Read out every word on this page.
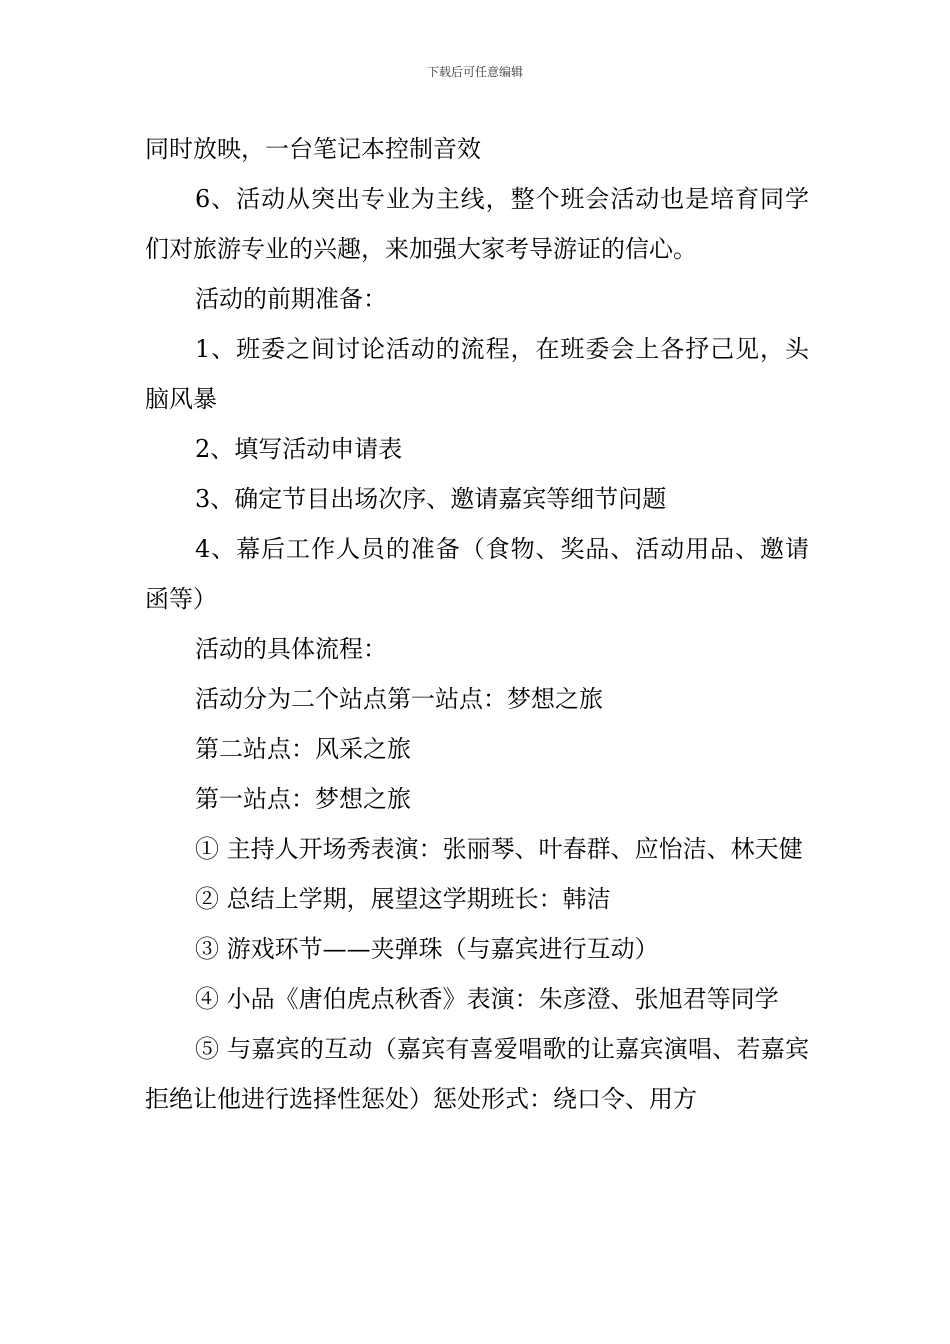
下载后可任意编辑

同时放映，一台笔记本控制音效

6、活动从突出专业为主线，整个班会活动也是培育同学们对旅游专业的兴趣，来加强大家考导游证的信心。

活动的前期准备：

1、班委之间讨论活动的流程，在班委会上各抒己见，头脑风暴

2、填写活动申请表

3、确定节目出场次序、邀请嘉宾等细节问题

4、幕后工作人员的准备（食物、奖品、活动用品、邀请函等）

活动的具体流程：

活动分为二个站点第一站点：梦想之旅

第二站点：风采之旅

第一站点：梦想之旅

① 主持人开场秀表演：张丽琴、叶春群、应怡洁、林天健

② 总结上学期，展望这学期班长：韩洁

③ 游戏环节——夹弹珠（与嘉宾进行互动）

④ 小品《唐伯虎点秋香》表演：朱彦澄、张旭君等同学

⑤ 与嘉宾的互动（嘉宾有喜爱唱歌的让嘉宾演唱、若嘉宾拒绝让他进行选择性惩处）惩处形式：绕口令、用方
